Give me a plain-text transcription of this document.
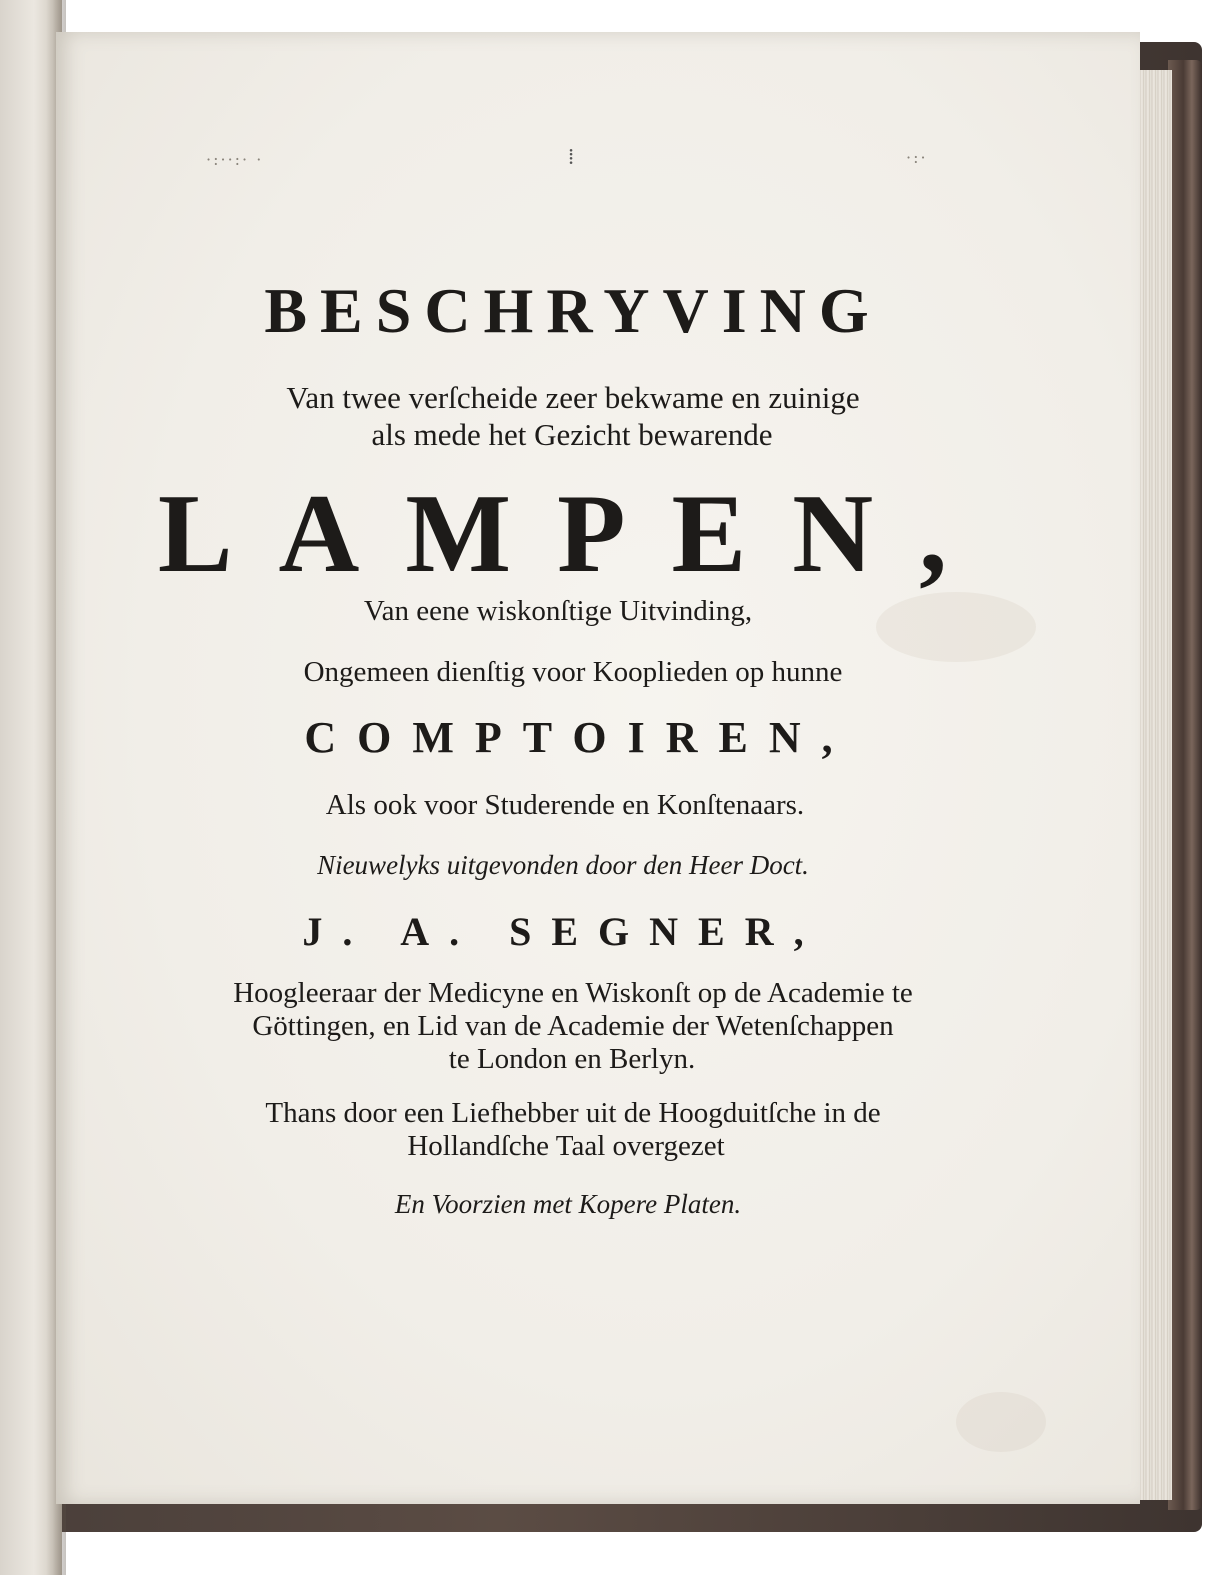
·:··:· ·	⁞	·:·

BESCHRYVING

Van twee verſcheide zeer bekwame en zuinige

als mede het Gezicht bewarende

LAMPEN,

Van eene wiskonſtige Uitvinding,

Ongemeen dienſtig voor Kooplieden op hunne

COMPTOIREN,

Als ook voor Studerende en Konſtenaars.

Nieuwelyks uitgevonden door den Heer Doct.

J. A. SEGNER,

Hoogleeraar der Medicyne en Wiskonſt op de Academie te

Göttingen, en Lid van de Academie der Wetenſchappen

te London en Berlyn.

Thans door een Liefhebber uit de Hoogduitſche in de

Hollandſche Taal overgezet

En Voorzien met Kopere Platen.
